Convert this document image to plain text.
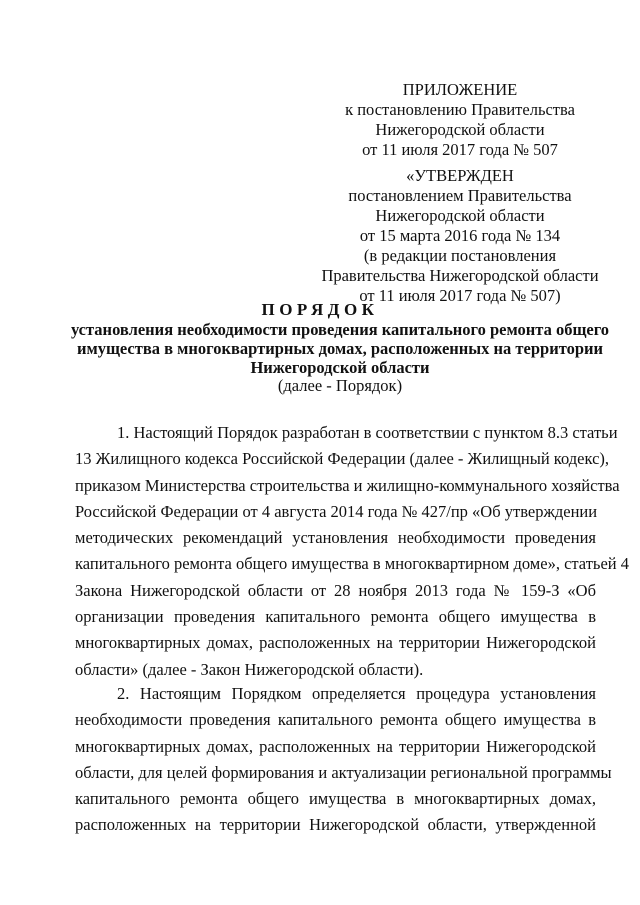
ПРИЛОЖЕНИЕ
к постановлению Правительства
Нижегородской области
от 11 июля 2017 года № 507
«УТВЕРЖДЕН
постановлением Правительства
Нижегородской области
от 15 марта 2016 года № 134
(в редакции постановления
Правительства Нижегородской области
от 11 июля 2017 года № 507)
ПОРЯДОК
установления необходимости проведения капитального ремонта общего
имущества в многоквартирных домах, расположенных на территории
Нижегородской области
(далее - Порядок)
1. Настоящий Порядок разработан в соответствии с пунктом 8.3 статьи
13 Жилищного кодекса Российской Федерации (далее - Жилищный кодекс),
приказом Министерства строительства и жилищно-коммунального хозяйства
Российской Федерации от 4 августа 2014 года № 427/пр «Об утверждении
методических рекомендаций установления необходимости проведения
капитального ремонта общего имущества в многоквартирном доме», статьей 4
Закона Нижегородской области от 28 ноября 2013 года № 159-З «Об
организации проведения капитального ремонта общего имущества в
многоквартирных домах, расположенных на территории Нижегородской
области» (далее - Закон Нижегородской области).
2. Настоящим Порядком определяется процедура установления
необходимости проведения капитального ремонта общего имущества в
многоквартирных домах, расположенных на территории Нижегородской
области, для целей формирования и актуализации региональной программы
капитального ремонта общего имущества в многоквартирных домах,
расположенных на территории Нижегородской области, утвержденной
